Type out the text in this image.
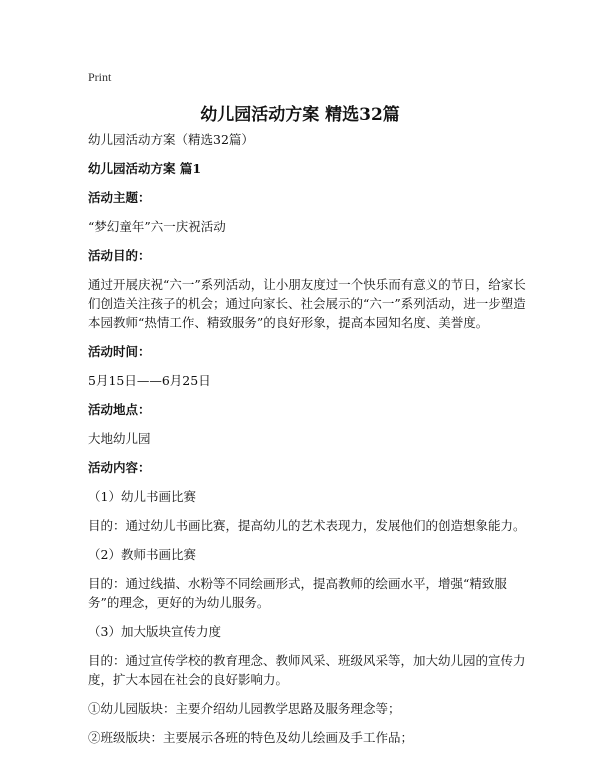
Print
幼儿园活动方案 精选32篇

幼儿园活动方案（精选32篇）

幼儿园活动方案 篇1

活动主题：

“梦幻童年”六一庆祝活动

活动目的：

通过开展庆祝“六一”系列活动，让小朋友度过一个快乐而有意义的节日，给家长们创造关注孩子的机会；通过向家长、社会展示的“六一”系列活动，进一步塑造本园教师“热情工作、精致服务”的良好形象，提高本园知名度、美誉度。

活动时间：

5月15日——6月25日

活动地点：

大地幼儿园

活动内容：

（1）幼儿书画比赛

目的：通过幼儿书画比赛，提高幼儿的艺术表现力，发展他们的创造想象能力。

（2）教师书画比赛

目的：通过线描、水粉等不同绘画形式，提高教师的绘画水平，增强“精致服务”的理念，更好的为幼儿服务。

（3）加大版块宣传力度

目的：通过宣传学校的教育理念、教师风采、班级风采等，加大幼儿园的宣传力度，扩大本园在社会的良好影响力。

①幼儿园版块：主要介绍幼儿园教学思路及服务理念等；

②班级版块：主要展示各班的特色及幼儿绘画及手工作品；
